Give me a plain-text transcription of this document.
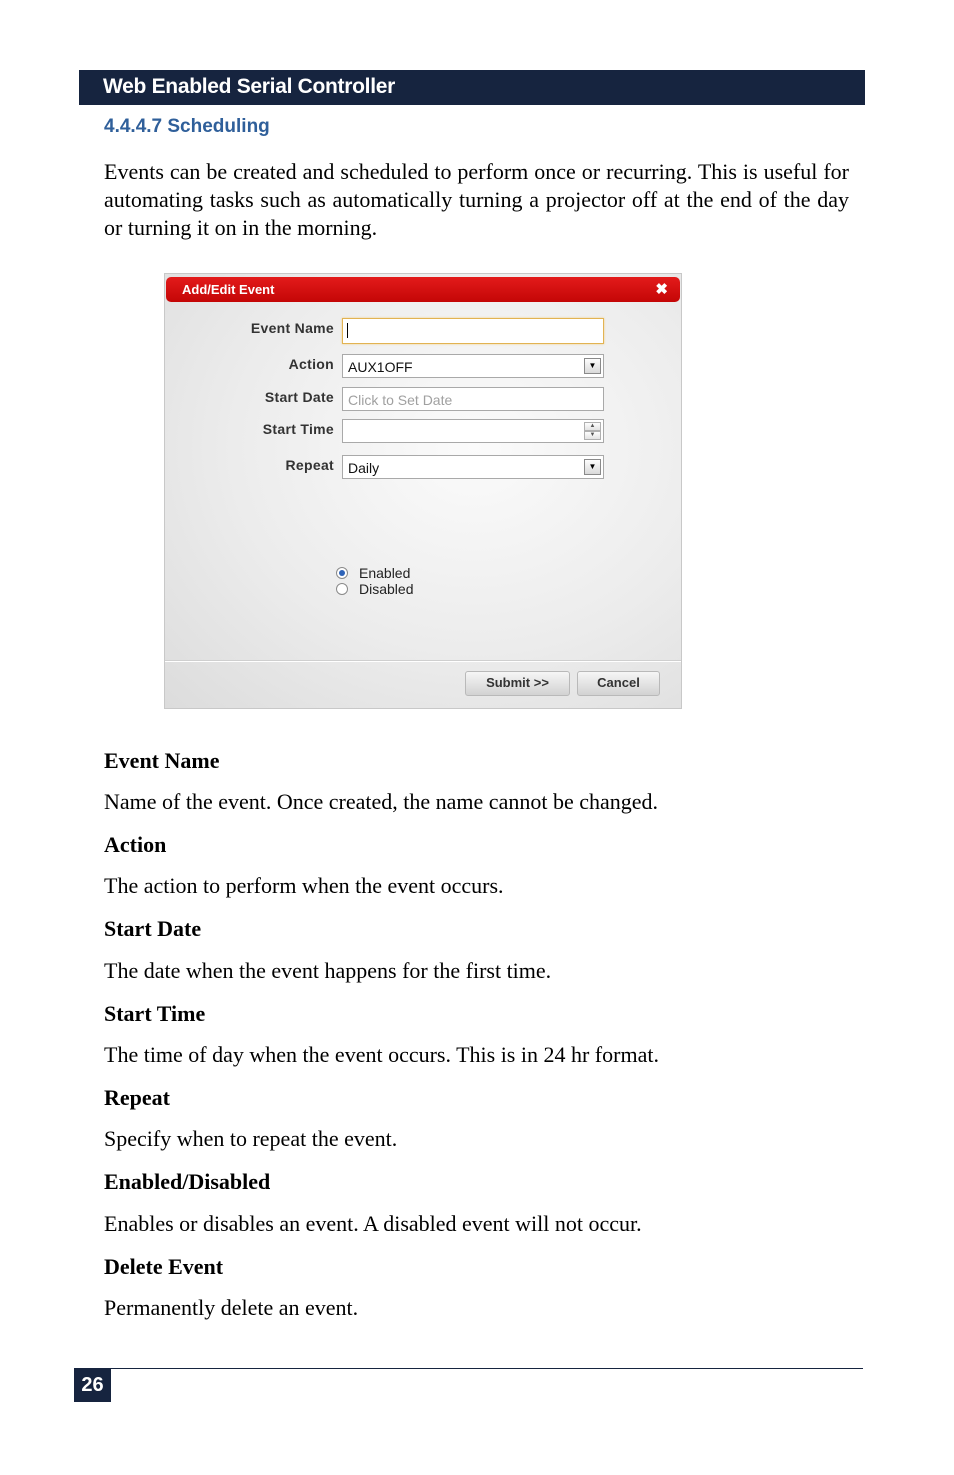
Web Enabled Serial Controller
4.4.4.7 Scheduling

Events can be created and scheduled to perform once or recurring. This is useful for automating tasks such as automatically turning a projector off at the end of the day or turning it on in the morning.

Add/Edit Event	✖
Event Name
Action	AUX1OFF	▼
Start Date	Click to Set Date
Start Time	▲
▼
Repeat	Daily	▼
Enabled
Disabled
Submit >>	Cancel

Event Name

Name of the event. Once created, the name cannot be changed.

Action

The action to perform when the event occurs.

Start Date

The date when the event happens for the first time.

Start Time

The time of day when the event occurs. This is in 24 hr format.

Repeat

Specify when to repeat the event.

Enabled/Disabled

Enables or disables an event. A disabled event will not occur.

Delete Event

Permanently delete an event.

26
